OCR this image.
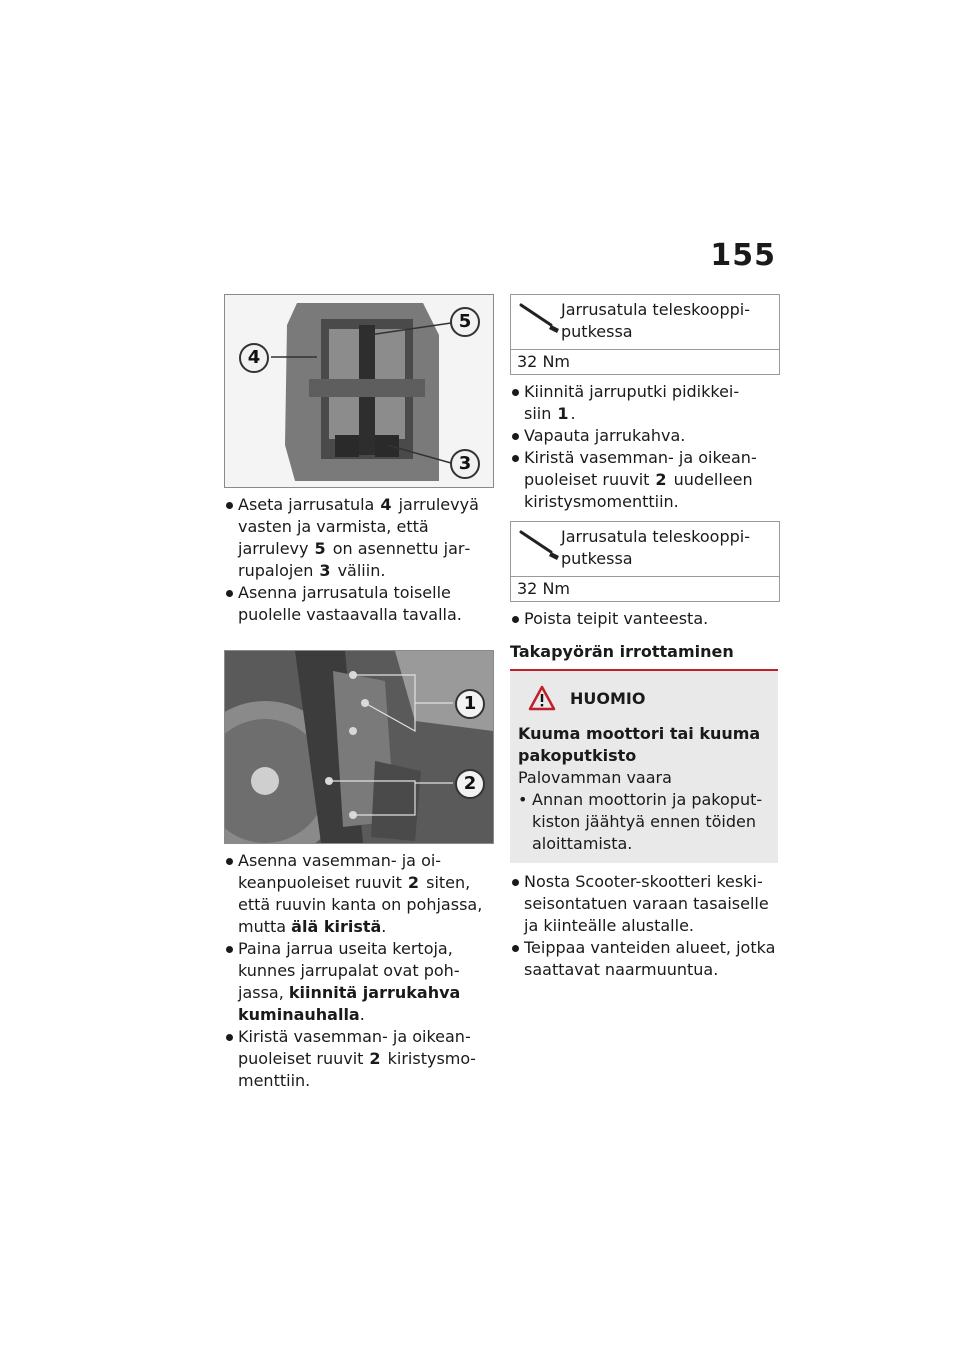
155
5
4
3
Aseta jarrusatula 4 jarrulevyä vasten ja varmista, että jarrulevy 5 on asennettu jarrupalojen 3 väliin.
Asenna jarrusatula toiselle puolelle vastaavalla tavalla.
1
2
Asenna vasemman- ja oikeanpuoleiset ruuvit 2 siten, että ruuvin kanta on pohjassa, mutta älä kiristä.
Paina jarrua useita kertoja, kunnes jarrupalat ovat pohjassa, kiinnitä jarrukahva kuminauhalla.
Kiristä vasemman- ja oikeanpuoleiset ruuvit 2 kiristysmomenttiin.
Jarrusatula teleskooppiputkessa
32 Nm
Kiinnitä jarruputki pidikkeisiin 1 .
Vapauta jarrukahva.
Kiristä vasemman- ja oikeanpuoleiset ruuvit 2 uudelleen kiristysmomenttiin.
Jarrusatula teleskooppiputkessa
32 Nm
Poista teipit vanteesta.
Takapyörän irrottaminen
HUOMIO
Kuuma moottori tai kuuma pakoputkisto
Palovamman vaara
• Annan moottorin ja pakoputkiston jäähtyä ennen töiden aloittamista.
Nosta Scooter-skootteri keskiseisontatuen varaan tasaiselle ja kiinteälle alustalle.
Teippaa vanteiden alueet, jotka saattavat naarmuuntua.
